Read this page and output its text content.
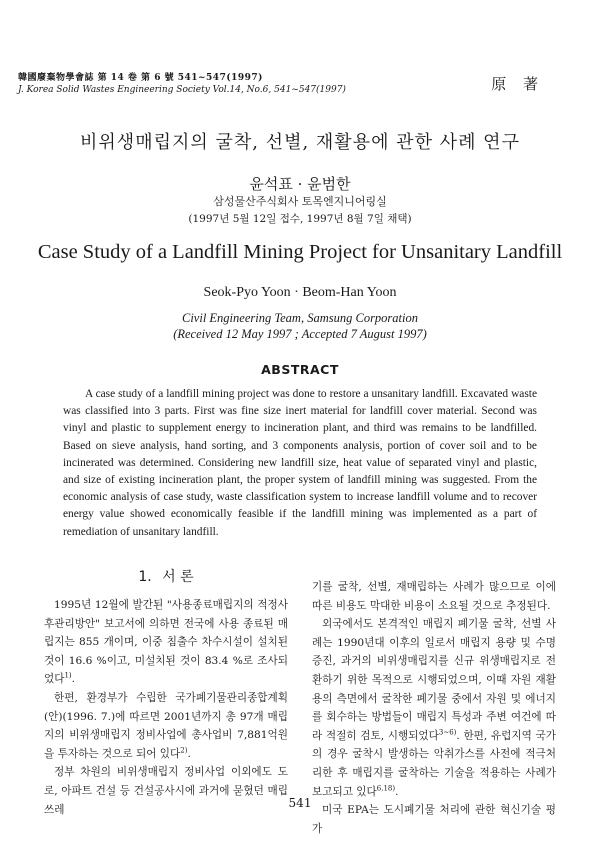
韓國廢棄物學會誌 第 14 卷 第 6 號 541~547(1997)
J. Korea Solid Wastes Engineering Society Vol.14, No.6, 541~547(1997)	原 著
비위생매립지의 굴착, 선별, 재활용에 관한 사례 연구
윤석표 · 윤범한
삼성물산주식회사 토목엔지니어링실
(1997년 5월 12일 접수, 1997년 8월 7일 채택)
Case Study of a Landfill Mining Project for Unsanitary Landfill
Seok-Pyo Yoon · Beom-Han Yoon
Civil Engineering Team, Samsung Corporation
(Received 12 May 1997 ; Accepted 7 August 1997)
ABSTRACT

A case study of a landfill mining project was done to restore a unsanitary landfill. Excavated waste was classified into 3 parts. First was fine size inert material for landfill cover material. Second was vinyl and plastic to supplement energy to incineration plant, and third was remains to be landfilled. Based on sieve analysis, hand sorting, and 3 components analysis, portion of cover soil and to be incinerated was determined. Considering new landfill size, heat value of separated vinyl and plastic, and size of existing incineration plant, the proper system of landfill mining was suggested. From the economic analysis of case study, waste classification system to increase landfill volume and to recover energy value showed economically feasible if the landfill mining was implemented as a part of remediation of unsanitary landfill.

1. 서 론

1995년 12월에 발간된 "사용종료매립지의 적정사후관리방안" 보고서에 의하면 전국에 사용 종료된 매립지는 855 개이며, 이중 침출수 차수시설이 설치된 것이 16.6 %이고, 미설치된 것이 83.4 %로 조사되었다$^{1)}$.

한편, 환경부가 수립한 국가폐기물관리종합계획(안)(1996. 7.)에 따르면 2001년까지 총 97개 매립지의 비위생매립지 정비사업에 총사업비 7,881억원을 투자하는 것으로 되어 있다$^{2)}$.

정부 차원의 비위생매립지 정비사업 이외에도 도로, 아파트 건설 등 건설공사시에 과거에 묻혔던 매립쓰레

기를 굴착, 선별, 재매립하는 사례가 많으므로 이에 따른 비용도 막대한 비용이 소요될 것으로 추정된다.

외국에서도 본격적인 매립지 폐기물 굴착, 선별 사례는 1990년대 이후의 일로서 매립지 용량 및 수명 증진, 과거의 비위생매립지를 신규 위생매립지로 전환하기 위한 목적으로 시행되었으며, 이때 자원 재활용의 측면에서 굴착한 폐기물 중에서 자원 및 에너지를 회수하는 방법들이 매립지 특성과 주변 여건에 따라 적절히 검토, 시행되었다$^{3\sim 6)}$. 한편, 유럽지역 국가의 경우 굴착시 발생하는 악취가스를 사전에 적극처리한 후 매립지를 굴착하는 기술을 적용하는 사례가 보고되고 있다$^{6,18)}$.

미국 EPA는 도시폐기물 처리에 관한 혁신기술 평가

541
